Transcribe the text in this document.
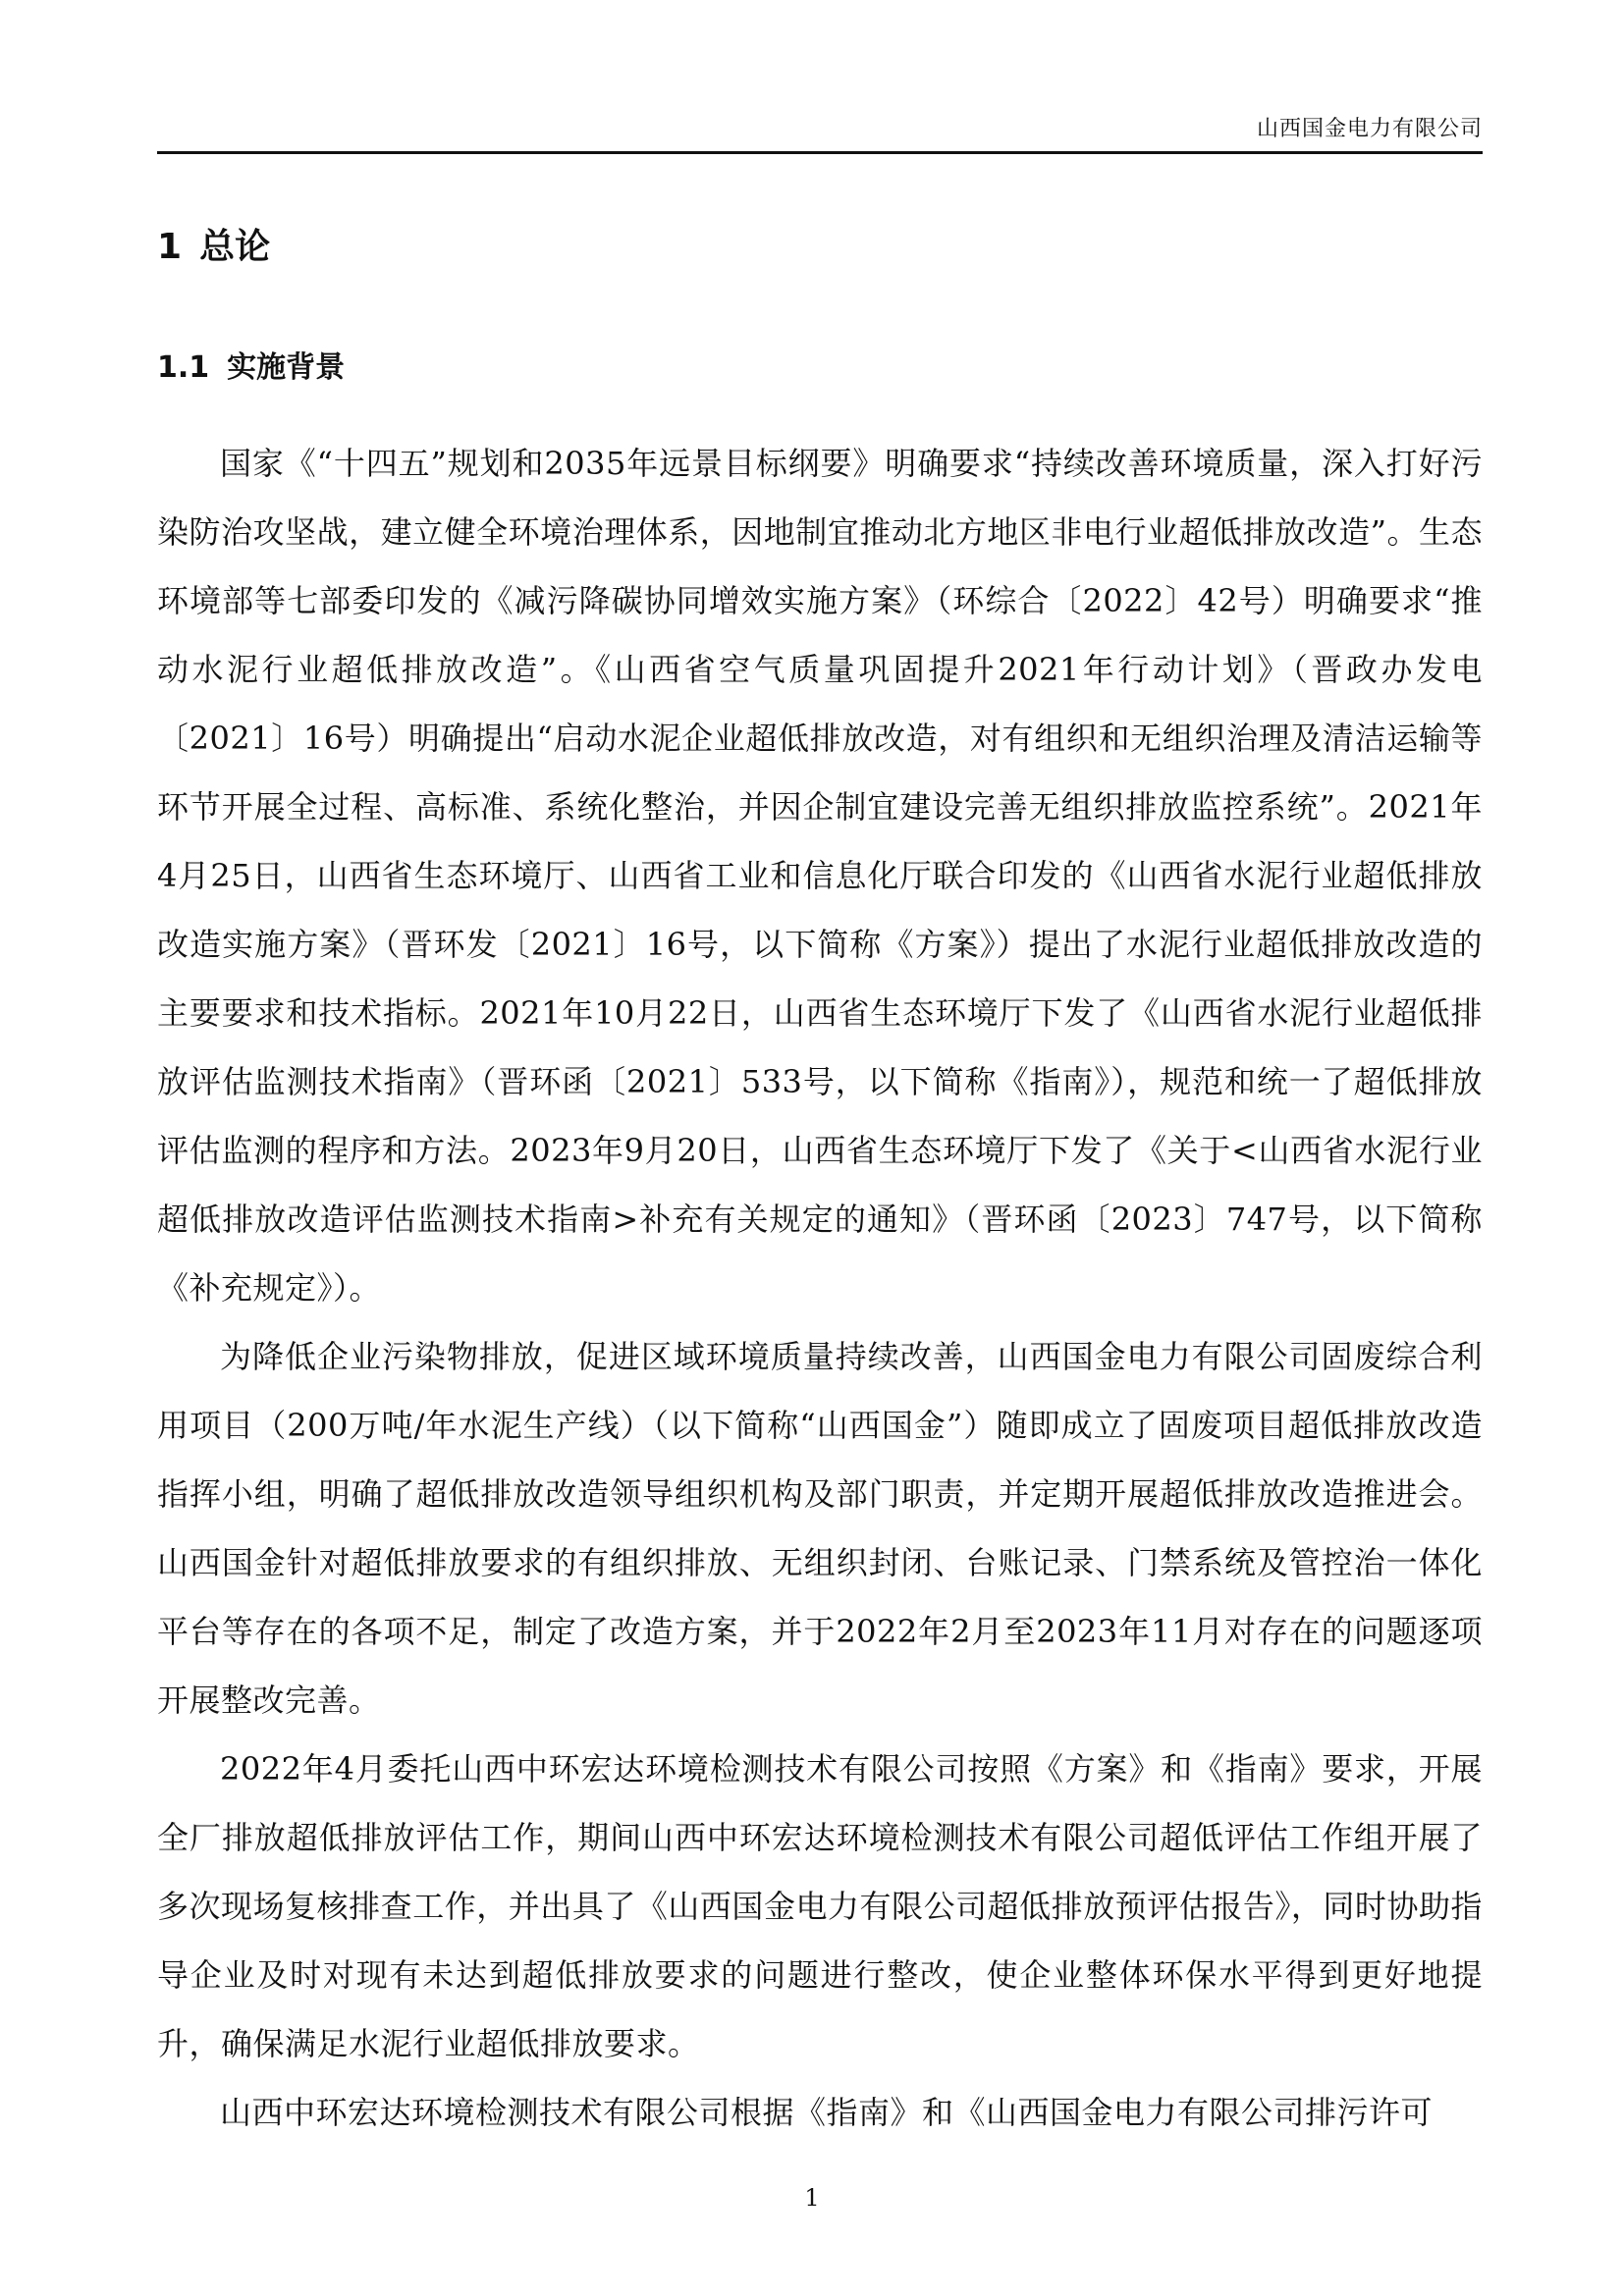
山西国金电力有限公司
1 总论
1.1 实施背景

国家《“十四五”规划和2035年远景目标纲要》明确要求“持续改善环境质量，深入打好污染防治攻坚战，建立健全环境治理体系，因地制宜推动北方地区非电行业超低排放改造”。生态环境部等七部委印发的《减污降碳协同增效实施方案》（环综合〔2022〕42号）明确要求“推动水泥行业超低排放改造”。《山西省空气质量巩固提升2021年行动计划》（晋政办发电〔2021〕16号）明确提出“启动水泥企业超低排放改造，对有组织和无组织治理及清洁运输等环节开展全过程、高标准、系统化整治，并因企制宜建设完善无组织排放监控系统”。2021年4月25日，山西省生态环境厅、山西省工业和信息化厅联合印发的《山西省水泥行业超低排放改造实施方案》（晋环发〔2021〕16号，以下简称《方案》）提出了水泥行业超低排放改造的主要要求和技术指标。2021年10月22日，山西省生态环境厅下发了《山西省水泥行业超低排放评估监测技术指南》（晋环函〔2021〕533号，以下简称《指南》），规范和统一了超低排放评估监测的程序和方法。2023年9月20日，山西省生态环境厅下发了《关于<山西省水泥行业超低排放改造评估监测技术指南>补充有关规定的通知》（晋环函〔2023〕747号，以下简称《补充规定》）。

为降低企业污染物排放，促进区域环境质量持续改善，山西国金电力有限公司固废综合利用项目（200万吨/年水泥生产线）（以下简称“山西国金”）随即成立了固废项目超低排放改造指挥小组，明确了超低排放改造领导组织机构及部门职责，并定期开展超低排放改造推进会。山西国金针对超低排放要求的有组织排放、无组织封闭、台账记录、门禁系统及管控治一体化平台等存在的各项不足，制定了改造方案，并于2022年2月至2023年11月对存在的问题逐项开展整改完善。

2022年4月委托山西中环宏达环境检测技术有限公司按照《方案》和《指南》要求，开展全厂排放超低排放评估工作，期间山西中环宏达环境检测技术有限公司超低评估工作组开展了多次现场复核排查工作，并出具了《山西国金电力有限公司超低排放预评估报告》，同时协助指导企业及时对现有未达到超低排放要求的问题进行整改，使企业整体环保水平得到更好地提升，确保满足水泥行业超低排放要求。

山西中环宏达环境检测技术有限公司根据《指南》和《山西国金电力有限公司排污许可

1
